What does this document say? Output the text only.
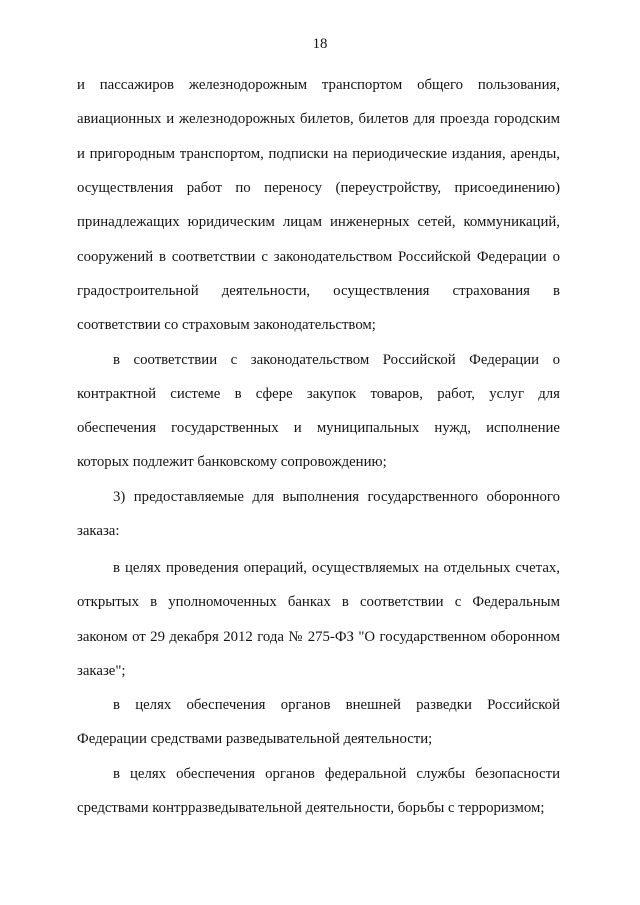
18
и пассажиров железнодорожным транспортом общего пользования,
авиационных и железнодорожных билетов, билетов для проезда городским
и пригородным транспортом, подписки на периодические издания, аренды,
осуществления работ по переносу (переустройству, присоединению)
принадлежащих юридическим лицам инженерных сетей, коммуникаций,
сооружений в соответствии с законодательством Российской Федерации о
градостроительной деятельности, осуществления страхования в
соответствии со страховым законодательством;
в соответствии с законодательством Российской Федерации о
контрактной системе в сфере закупок товаров, работ, услуг для
обеспечения государственных и муниципальных нужд, исполнение
которых подлежит банковскому сопровождению;
3) предоставляемые для выполнения государственного оборонного
заказа:
в целях проведения операций, осуществляемых на отдельных счетах,
открытых в уполномоченных банках в соответствии с Федеральным
законом от 29 декабря 2012 года № 275-ФЗ "О государственном оборонном
заказе";
в целях обеспечения органов внешней разведки Российской
Федерации средствами разведывательной деятельности;
в целях обеспечения органов федеральной службы безопасности
средствами контрразведывательной деятельности, борьбы с терроризмом;
